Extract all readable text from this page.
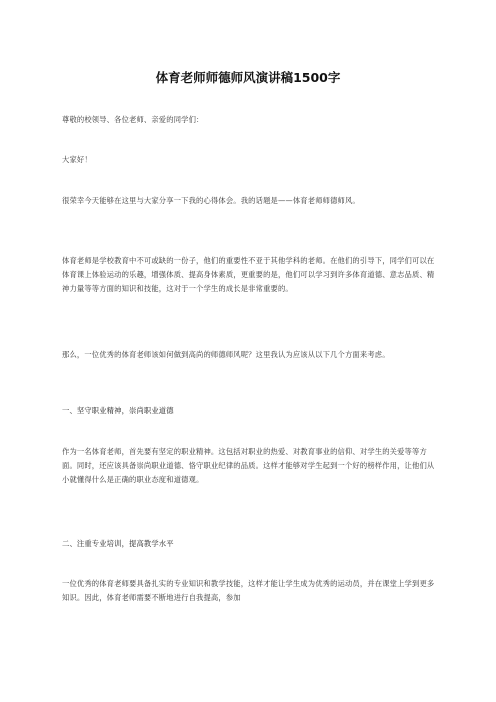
体育老师师德师风演讲稿1500字

尊敬的校领导、各位老师、亲爱的同学们：

大家好！

很荣幸今天能够在这里与大家分享一下我的心得体会。我的话题是——体育老师师德师风。

体育老师是学校教育中不可或缺的一份子，他们的重要性不亚于其他学科的老师。在他们的引导下，同学们可以在体育课上体验运动的乐趣，增强体质、提高身体素质，更重要的是，他们可以学习到许多体育道德、意志品质、精神力量等等方面的知识和技能，这对于一个学生的成长是非常重要的。

那么，一位优秀的体育老师该如何做到高尚的师德师风呢？这里我认为应该从以下几个方面来考虑。

一、坚守职业精神，崇尚职业道德

作为一名体育老师，首先要有坚定的职业精神。这包括对职业的热爱、对教育事业的信仰、对学生的关爱等等方面。同时，还应该具备崇尚职业道德、恪守职业纪律的品质。这样才能够对学生起到一个好的榜样作用，让他们从小就懂得什么是正确的职业态度和道德观。

二、注重专业培训，提高教学水平

一位优秀的体育老师要具备扎实的专业知识和教学技能，这样才能让学生成为优秀的运动员，并在课堂上学到更多知识。因此，体育老师需要不断地进行自我提高，参加
